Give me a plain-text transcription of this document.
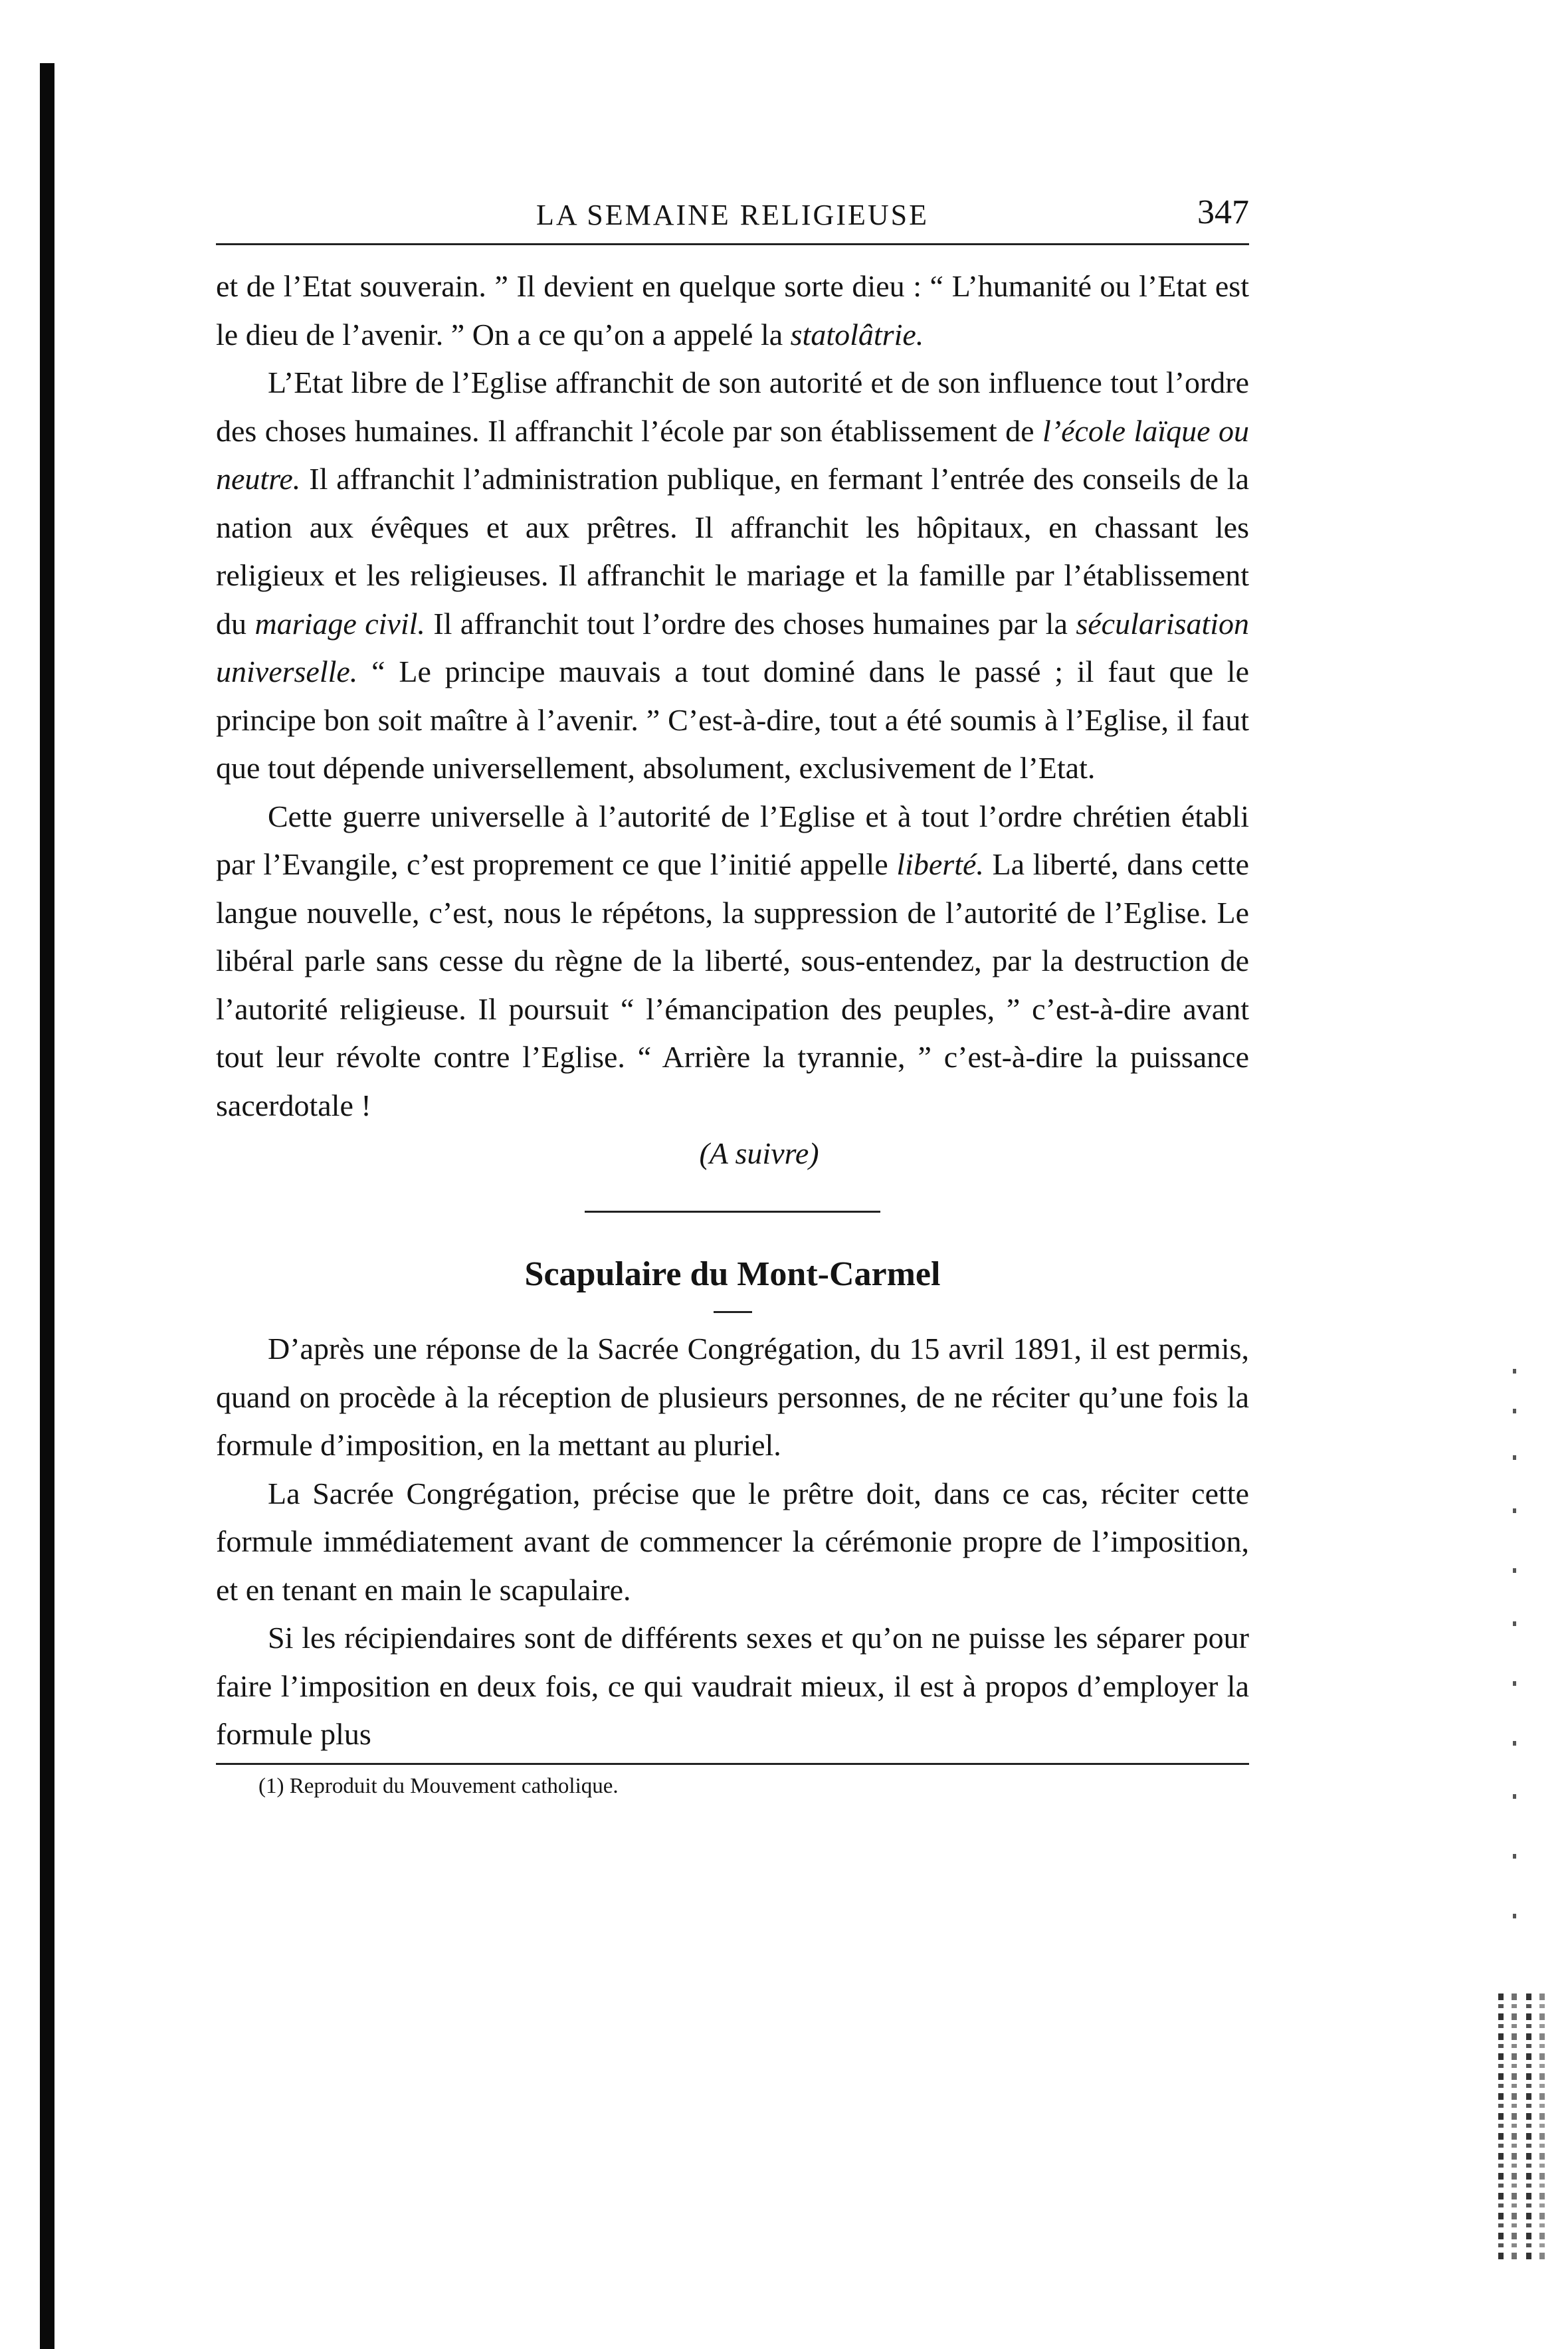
LA SEMAINE RELIGIEUSE	347

et de l’Etat souverain. ” Il devient en quelque sorte dieu : “ L’humanité ou l’Etat est le dieu de l’avenir. ” On a ce qu’on a appelé la statolâtrie.

L’Etat libre de l’Eglise affranchit de son autorité et de son influence tout l’ordre des choses humaines. Il affranchit l’école par son établissement de l’école laïque ou neutre. Il affranchit l’administration publique, en fermant l’entrée des conseils de la nation aux évêques et aux prêtres. Il affranchit les hôpitaux, en chassant les religieux et les religieuses. Il affranchit le mariage et la famille par l’établissement du mariage civil. Il affranchit tout l’ordre des choses humaines par la sécularisation universelle. “ Le principe mauvais a tout dominé dans le passé ; il faut que le principe bon soit maître à l’avenir. ” C’est-à-dire, tout a été soumis à l’Eglise, il faut que tout dépende universellement, absolument, exclusivement de l’Etat.

Cette guerre universelle à l’autorité de l’Eglise et à tout l’ordre chrétien établi par l’Evangile, c’est proprement ce que l’initié appelle liberté. La liberté, dans cette langue nouvelle, c’est, nous le répétons, la suppression de l’autorité de l’Eglise. Le libéral parle sans cesse du règne de la liberté, sous-entendez, par la destruction de l’autorité religieuse. Il poursuit “ l’émancipation des peuples, ” c’est-à-dire avant tout leur révolte contre l’Eglise. “ Arrière la tyrannie, ” c’est-à-dire la puissance sacerdotale !

(A suivre)

Scapulaire du Mont-Carmel

D’après une réponse de la Sacrée Congrégation, du 15 avril 1891, il est permis, quand on procède à la réception de plusieurs personnes, de ne réciter qu’une fois la formule d’imposition, en la mettant au pluriel.

La Sacrée Congrégation, précise que le prêtre doit, dans ce cas, réciter cette formule immédiatement avant de commencer la cérémonie propre de l’imposition, et en tenant en main le scapulaire.

Si les récipiendaires sont de différents sexes et qu’on ne puisse les séparer pour faire l’imposition en deux fois, ce qui vaudrait mieux, il est à propos d’employer la formule plus

(1) Reproduit du Mouvement catholique.
